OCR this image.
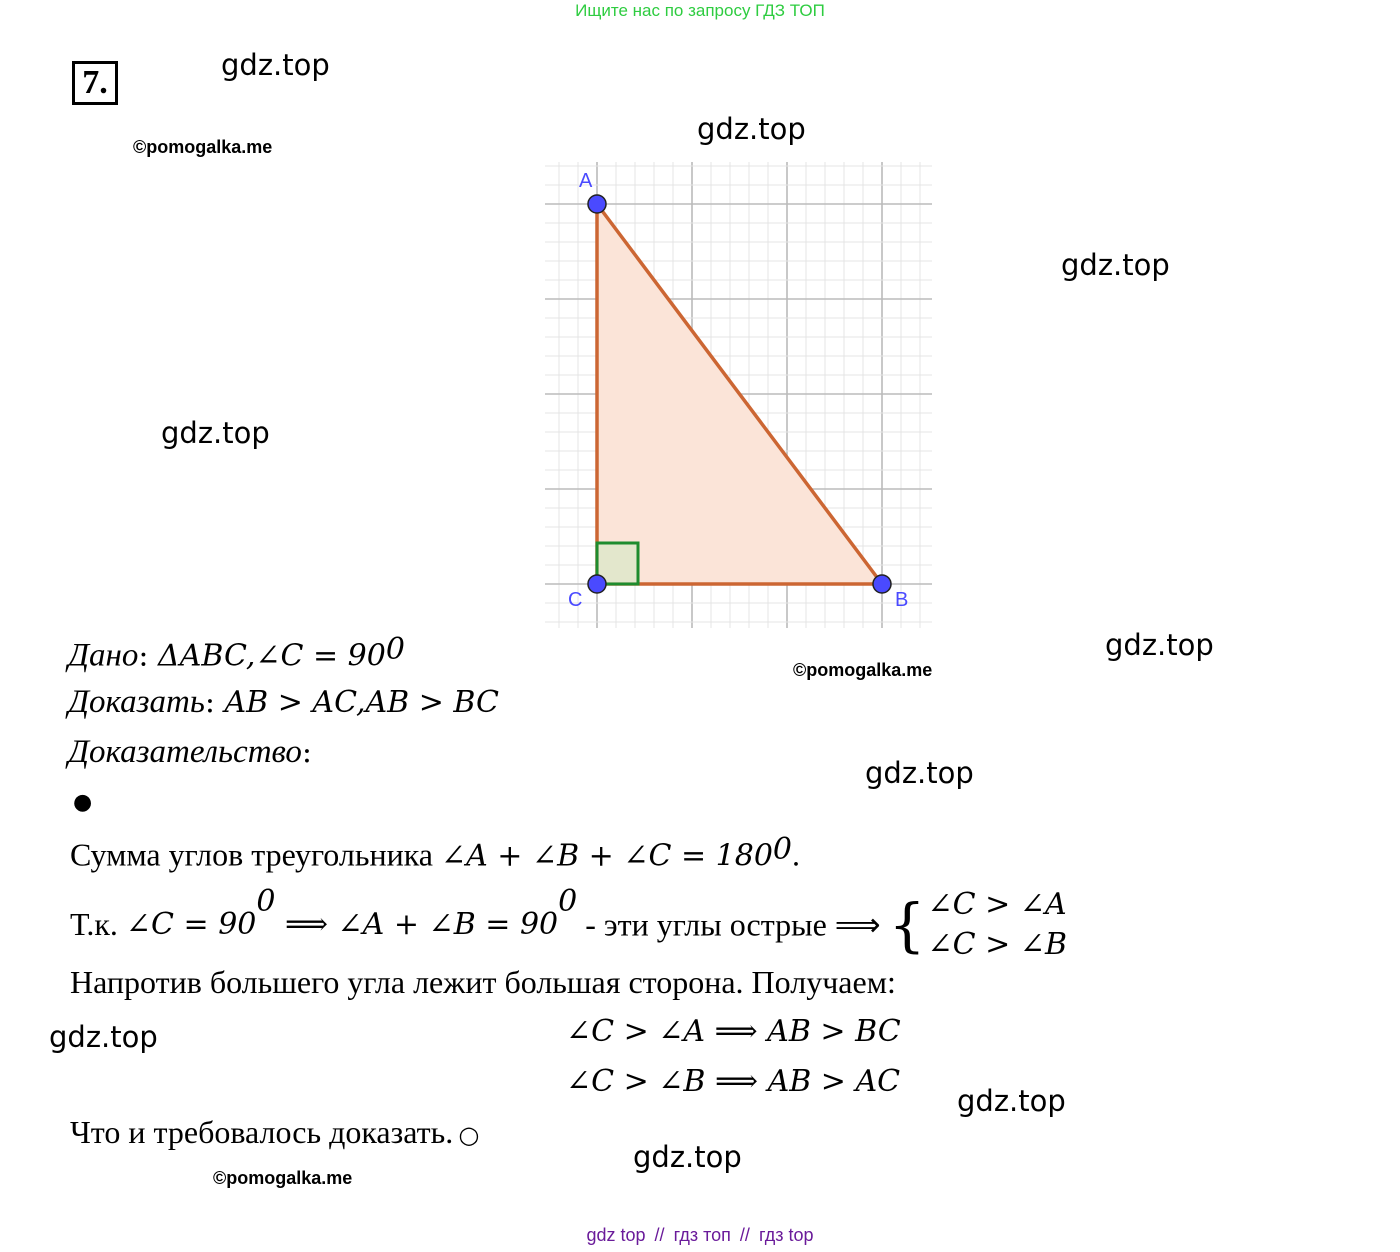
Ищите нас по запросу ГДЗ ТОП
7.	gdz.top
gdz.top
gdz.top
gdz.top
gdz.top
gdz.top
gdz.top
gdz.top
gdz.top
©pomogalka.me
©pomogalka.me
©pomogalka.me
A
B
C
Дано: ΔABC,∠C = $90^0$
Доказать: AB > AC,AB > BC
Доказательство:
●
Сумма углов треугольника ∠A + ∠B + ∠C = $180^0$.
Т.к. ∠C = $90^0$ ⟹ ∠A + ∠B = $90^0$ - эти углы острые ⟹ { ∠C > ∠A
∠C > ∠B
Напротив большего угла лежит большая сторона. Получаем:
∠C > ∠A ⟹ AB > BC
∠C > ∠B ⟹ AB > AC
Что и требовалось доказать. ○
gdz top // гдз топ // гдз top
